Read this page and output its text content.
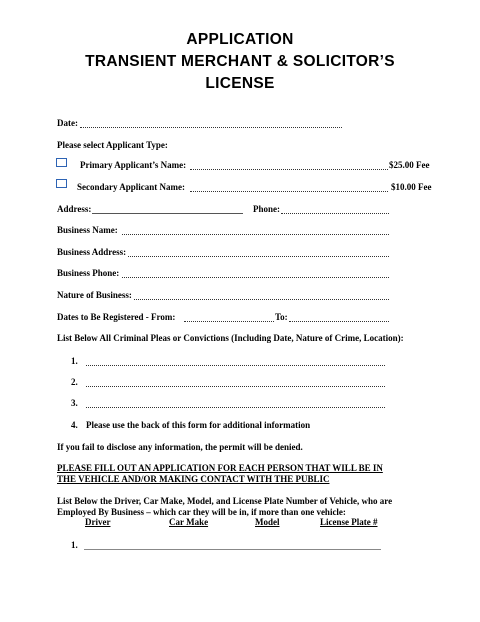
APPLICATION
TRANSIENT MERCHANT & SOLICITOR’S
LICENSE
Date:
Please select Applicant Type:
Primary Applicant’s Name:	$25.00 Fee
Secondary Applicant Name:	$10.00 Fee
Address:	Phone:
Business Name:
Business Address:
Business Phone:
Nature of Business:
Dates to Be Registered - From:	To:
List Below All Criminal Pleas or Convictions (Including Date, Nature of Crime, Location):
1.
2.
3.
4. Please use the back of this form for additional information
If you fail to disclose any information, the permit will be denied.
PLEASE FILL OUT AN APPLICATION FOR EACH PERSON THAT WILL BE IN
THE VEHICLE AND/OR MAKING CONTACT WITH THE PUBLIC
List Below the Driver, Car Make, Model, and License Plate Number of Vehicle, who are
Employed By Business – which car they will be in, if more than one vehicle:
Driver	Car Make	Model	License Plate #
1.
